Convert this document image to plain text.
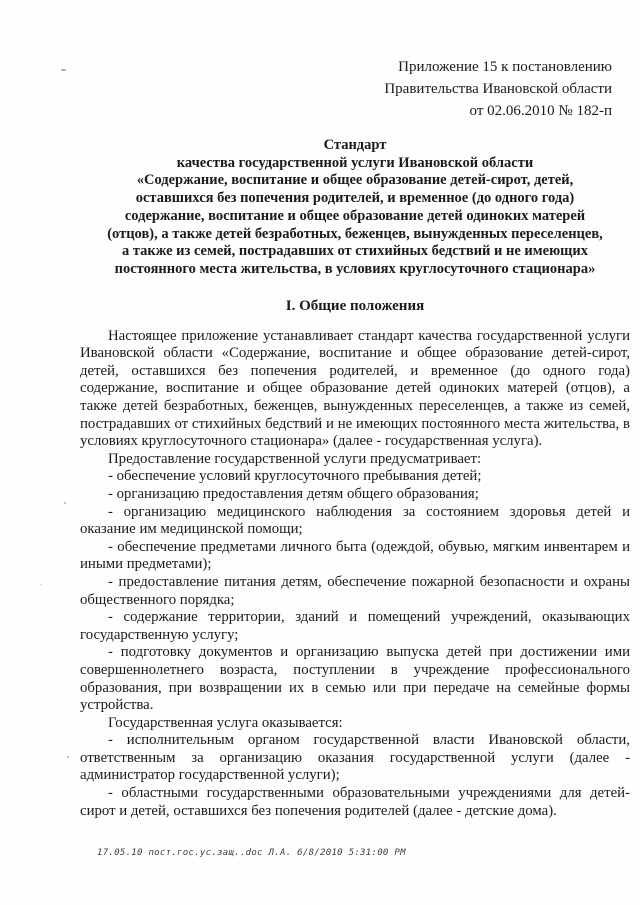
Приложение 15 к постановлению
Правительства Ивановской области
от 02.06.2010 № 182-п
Стандарт
качества государственной услуги Ивановской области
«Содержание, воспитание и общее образование детей-сирот, детей,
оставшихся без попечения родителей, и временное (до одного года)
содержание, воспитание и общее образование детей одиноких матерей
(отцов), а также детей безработных, беженцев, вынужденных переселенцев,
а также из семей, пострадавших от стихийных бедствий и не имеющих
постоянного места жительства, в условиях круглосуточного стационара»
I. Общие положения

Настоящее приложение устанавливает стандарт качества государственной услуги Ивановской области «Содержание, воспитание и общее образование детей-сирот, детей, оставшихся без попечения родителей, и временное (до одного года) содержание, воспитание и общее образование детей одиноких матерей (отцов), а также детей безработных, беженцев, вынужденных переселенцев, а также из семей, пострадавших от стихийных бедствий и не имеющих постоянного места жительства, в условиях круглосуточного стационара» (далее - государственная услуга).

Предоставление государственной услуги предусматривает:

- обеспечение условий круглосуточного пребывания детей;

- организацию предоставления детям общего образования;

- организацию медицинского наблюдения за состоянием здоровья детей и оказание им медицинской помощи;

- обеспечение предметами личного быта (одеждой, обувью, мягким инвентарем и иными предметами);

- предоставление питания детям, обеспечение пожарной безопасности и охраны общественного порядка;

- содержание территории, зданий и помещений учреждений, оказывающих государственную услугу;

- подготовку документов и организацию выпуска детей при достижении ими совершеннолетнего возраста, поступлении в учреждение профессионального образования, при возвращении их в семью или при передаче на семейные формы устройства.

Государственная услуга оказывается:

- исполнительным органом государственной власти Ивановской области, ответственным за организацию оказания государственной услуги (далее - администратор государственной услуги);

- областными государственными образовательными учреждениями для детей-сирот и детей, оставшихся без попечения родителей (далее - детские дома).

17.05.10 пост.гос.ус.защ..doc Л.А. 6/8/2010 5:31:00 PM
